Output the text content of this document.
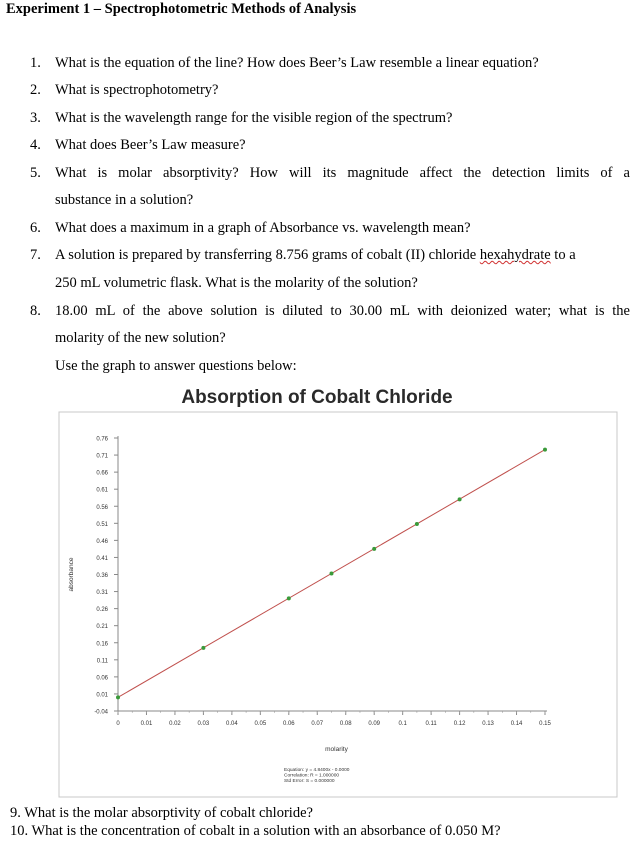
Experiment 1 – Spectrophotometric Methods of Analysis
1. What is the equation of the line? How does Beer’s Law resemble a linear equation?
2. What is spectrophotometry?
3. What is the wavelength range for the visible region of the spectrum?
4. What does Beer’s Law measure?
5. What is molar absorptivity? How will its magnitude affect the detection limits of a
substance in a solution?
6. What does a maximum in a graph of Absorbance vs. wavelength mean?
7. A solution is prepared by transferring 8.756 grams of cobalt (II) chloride hexahydrate to a
250 mL volumetric flask. What is the molarity of the solution?
8. 18.00 mL of the above solution is diluted to 30.00 mL with deionized water; what is the
molarity of the new solution?
Use the graph to answer questions below:
Absorption of Cobalt Chloride
0.76
0.71
0.66
0.61
0.56
0.51
0.46
0.41
0.36
0.31
0.26
0.21
0.16
0.11
0.06
0.01
-0.04
0	0.01	0.02	0.03	0.04	0.05	0.06	0.07	0.08	0.09	0.1	0.11	0.12	0.13	0.14	0.15
molarity
absorbance
Equation: y = 4.8400x - 0.0000
Correlation: R = 1.000000
Std Error: S = 0.000000
9. What is the molar absorptivity of cobalt chloride?
10. What is the concentration of cobalt in a solution with an absorbance of 0.050 M?
